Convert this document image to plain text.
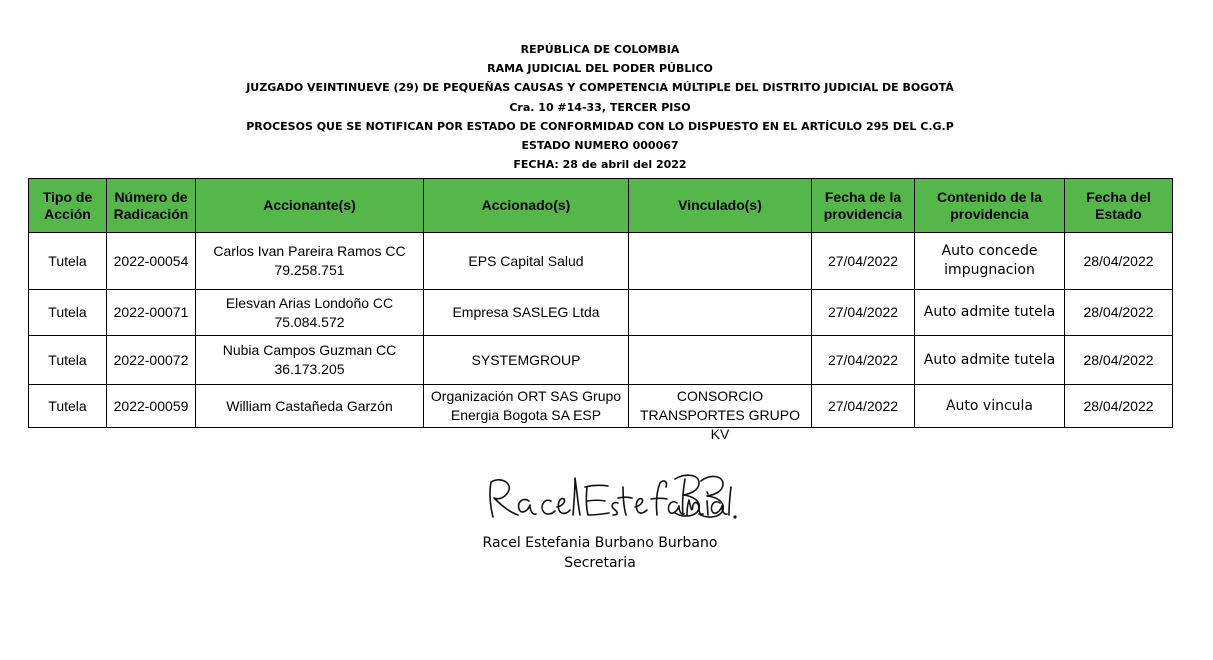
REPÚBLICA DE COLOMBIA
RAMA JUDICIAL DEL PODER PÚBLICO
JUZGADO VEINTINUEVE (29) DE PEQUEÑAS CAUSAS Y COMPETENCIA MÚLTIPLE DEL DISTRITO JUDICIAL DE BOGOTÁ
Cra. 10 #14-33, TERCER PISO
PROCESOS QUE SE NOTIFICAN POR ESTADO DE CONFORMIDAD CON LO DISPUESTO EN EL ARTÍCULO 295 DEL C.G.P
ESTADO NUMERO 000067
FECHA: 28 de abril del 2022
Tipo de Acción	Número de Radicación	Accionante(s)	Accionado(s)	Vinculado(s)	Fecha de la providencia	Contenido de la providencia	Fecha del Estado
Tutela	2022-00054	Carlos Ivan Pareira Ramos CC 79.258.751	EPS Capital Salud		27/04/2022	Auto concede impugnacion	28/04/2022
Tutela	2022-00071	Elesvan Arias Londoño CC 75.084.572	Empresa SASLEG Ltda		27/04/2022	Auto admite tutela	28/04/2022
Tutela	2022-00072	Nubia Campos Guzman CC 36.173.205	SYSTEMGROUP		27/04/2022	Auto admite tutela	28/04/2022
Tutela	2022-00059	William Castañeda Garzón	Organización ORT SAS Grupo Energia Bogota SA ESP	CONSORCIO TRANSPORTES GRUPO KV	27/04/2022	Auto vincula	28/04/2022
Racel Estefania Burbano Burbano
Secretaria
